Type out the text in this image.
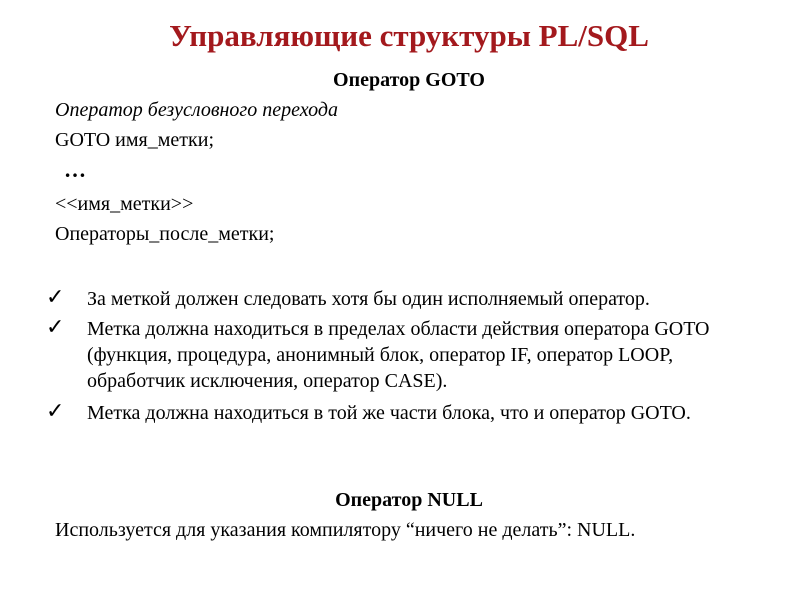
Управляющие структуры PL/SQL
Оператор GOTO
Оператор безусловного перехода
GOTO имя_метки;
…
<<имя_метки>>
Операторы_после_метки;
✓ За меткой должен следовать хотя бы один исполняемый оператор.
✓ Метка должна находиться в пределах области действия оператора GOTO (функция, процедура, анонимный блок, оператор IF, оператор LOOP, обработчик исключения, оператор CASE).
✓ Метка должна находиться в той же части блока, что и оператор GOTO.
Оператор NULL
Используется для указания компилятору “ничего не делать”: NULL.
